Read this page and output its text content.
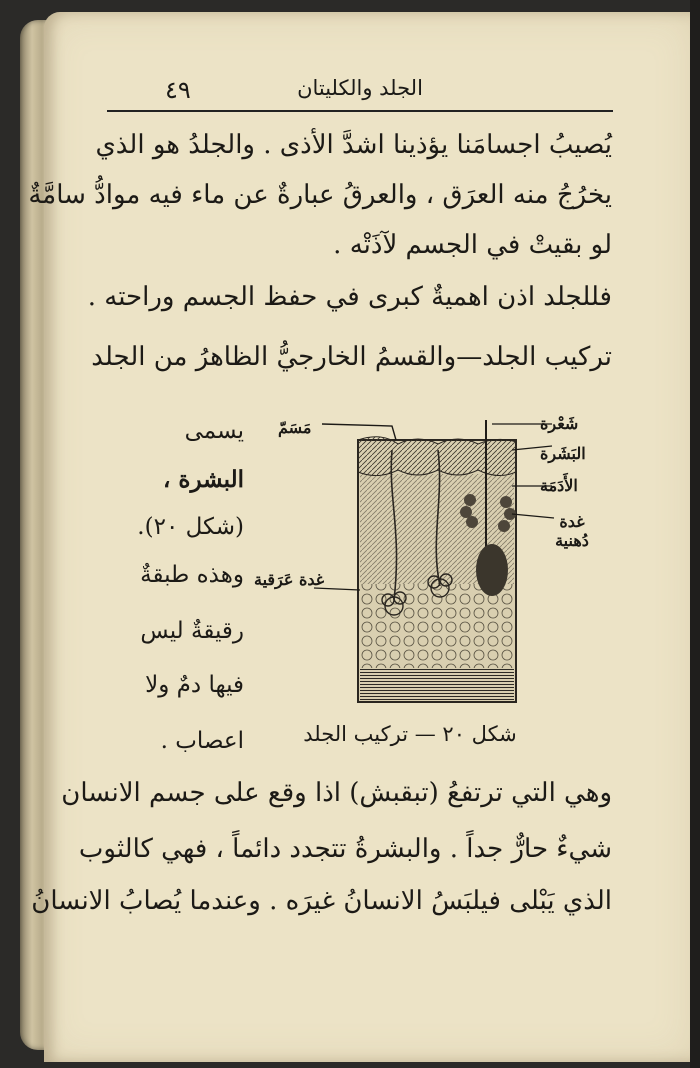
٤٩	الجلد والكليتان
يُصيبُ اجسامَنا يؤذينا اشدَّ الأذى . والجلدُ هو الذي
يخرُجُ منه العرَق ، والعرقُ عبارةٌ عن ماء فيه موادُّ سامَّةٌ
لو بقيتْ في الجسم لآذَتْه .
فللجلد اذن اهميةٌ كبرى في حفظ الجسم وراحته .
تركيب الجلد—والقسمُ الخارجيُّ الظاهرُ من الجلد
يسمى
البشرة ،
(شكل ٢٠).
وهذه طبقةٌ
رقيقةٌ ليس
فيها دمٌ ولا
اعصاب .
شَعْرة
البَشَرة
الأَدَمَة
غدة دُهنية
غدة عَرَقية
مَسَمّ
شكل ٢٠ — تركيب الجلد
وهي التي ترتفعُ (تبقبش) اذا وقع على جسم الانسان
شيءٌ حارٌّ جداً . والبشرةُ تتجدد دائماً ، فهي كالثوب
الذي يَبْلى فيلبَسُ الانسانُ غيرَه . وعندما يُصابُ الانسانُ
